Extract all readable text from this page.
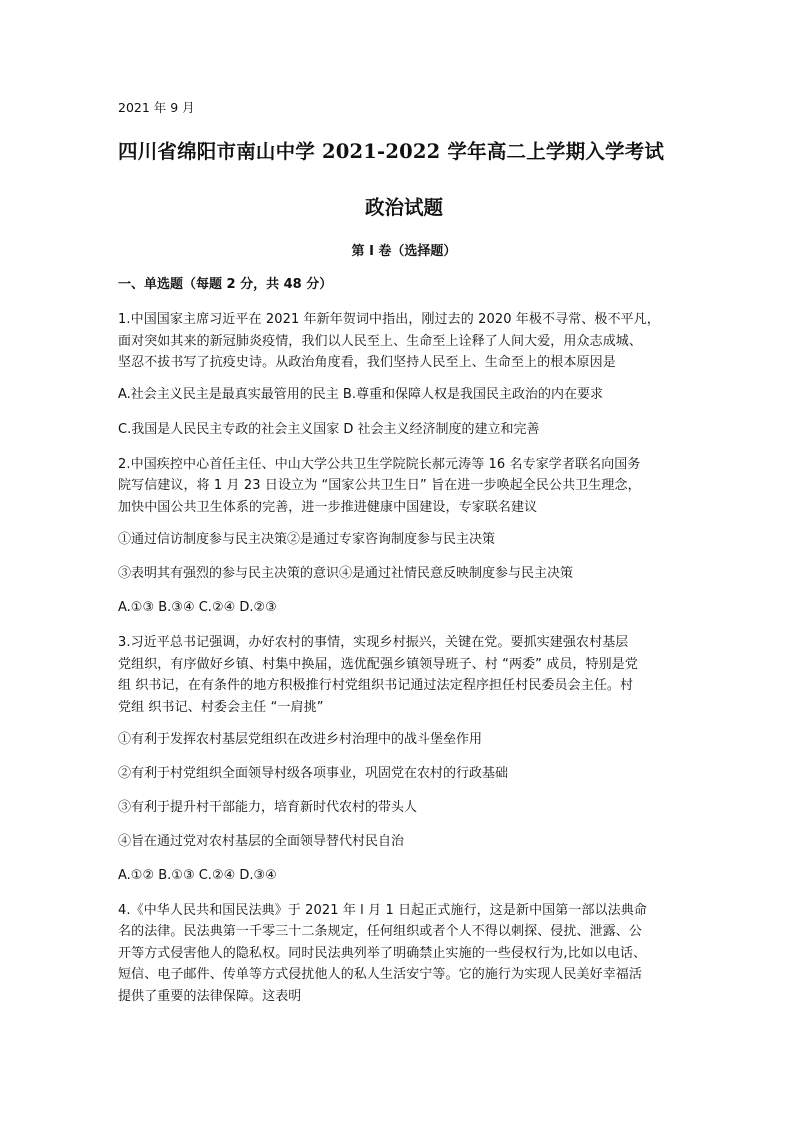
2021 年 9 月
四川省绵阳市南山中学 2021-2022 学年高二上学期入学考试
政治试题
第 I 卷（选择题）
一、单选题（每题 2 分，共 48 分）
1.中国国家主席习近平在 2021 年新年贺词中指出，刚过去的 2020 年极不寻常、极不平凡，
面对突如其来的新冠肺炎疫情，我们以人民至上、生命至上诠释了人间大爱，用众志成城、
坚忍不拔书写了抗疫史诗。从政治角度看，我们坚持人民至上、生命至上的根本原因是
A.社会主义民主是最真实最管用的民主 B.尊重和保障人权是我国民主政治的内在要求
C.我国是人民民主专政的社会主义国家 D 社会主义经济制度的建立和完善
2.中国疾控中心首任主任、中山大学公共卫生学院院长郝元涛等 16 名专家学者联名向国务
院写信建议，将 1 月 23 日设立为 “国家公共卫生日” 旨在进一步唤起全民公共卫生理念，
加快中国公共卫生体系的完善，进一步推进健康中国建设，专家联名建议
①通过信访制度参与民主决策②是通过专家咨询制度参与民主决策
③表明其有强烈的参与民主决策的意识④是通过社情民意反映制度参与民主决策
A.①③ B.③④ C.②④ D.②③
3.习近平总书记强调，办好农村的事情，实现乡村振兴，关键在党。要抓实建强农村基层
党组织，有序做好乡镇、村集中换届，选优配强乡镇领导班子、村 “两委” 成员，特别是党
组 织书记，在有条件的地方积极推行村党组织书记通过法定程序担任村民委员会主任。村
党组 织书记、村委会主任 “一肩挑”
①有利于发挥农村基层党组织在改进乡村治理中的战斗堡垒作用
②有利于村党组织全面领导村级各项事业，巩固党在农村的行政基础
③有利于提升村干部能力，培育新时代农村的带头人
④旨在通过党对农村基层的全面领导替代村民自治
A.①② B.①③ C.②④ D.③④
4.《中华人民共和国民法典》于 2021 年 l 月 1 日起正式施行，这是新中国第一部以法典命
名的法律。民法典第一千零三十二条规定，任何组织或者个人不得以刺探、侵扰、泄露、公
开等方式侵害他人的隐私权。同时民法典列举了明确禁止实施的一些侵权行为,比如以电话、
短信、电子邮件、传单等方式侵扰他人的私人生活安宁等。它的施行为实现人民美好幸福活
提供了重要的法律保障。这表明
